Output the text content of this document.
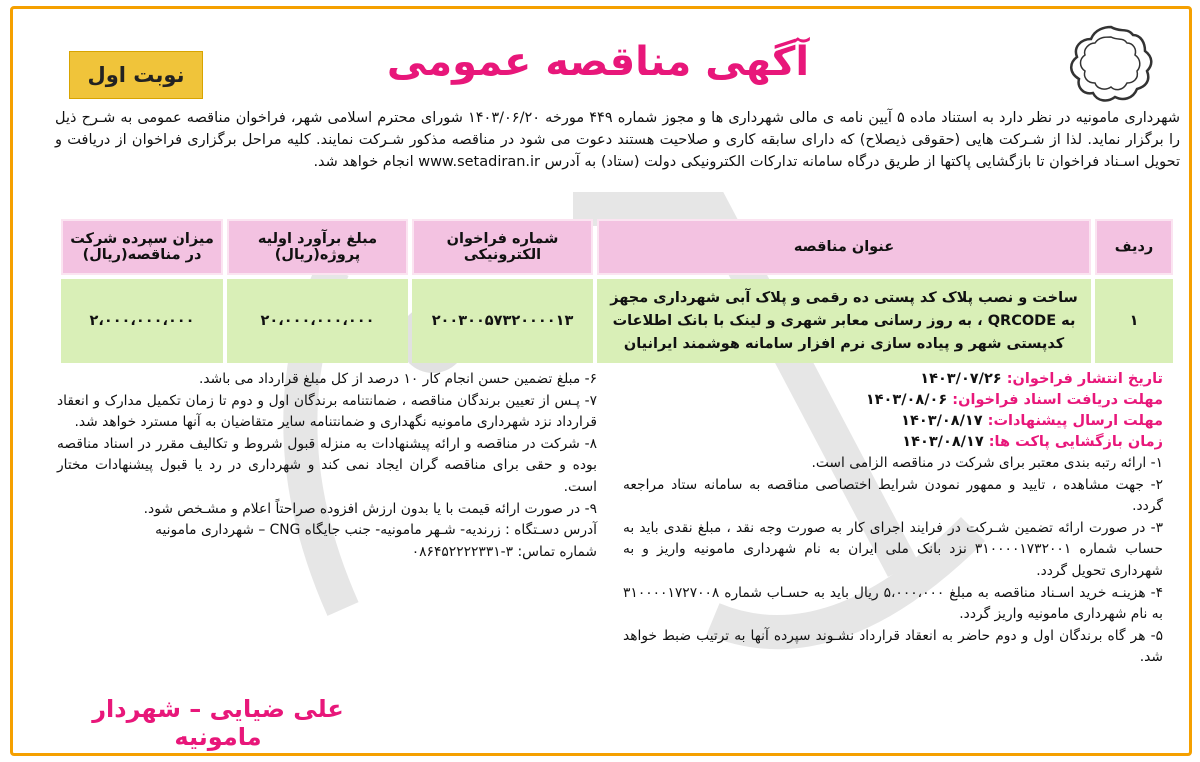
نوبت اول	آگهی مناقصه عمومی
شهرداری مامونیه در نظر دارد به استناد ماده ۵ آیین نامه ی مالی شهرداری ها و مجوز شماره ۴۴۹ مورخه ۱۴۰۳/۰۶/۲۰ شورای محترم اسلامی شهر، فراخوان مناقصه عمومی به شـرح ذیل را برگزار نماید. لذا از شـرکت هایی (حقوقی ذیصلاح) که دارای سابقه کاری و صلاحیت هستند دعوت می شود در مناقصه مذکور شـرکت نمایند. کلیه مراحل برگزاری فراخوان از دریافت و تحویل اسـناد فراخوان تا بازگشایی پاکتها از طریق درگاه سامانه تدارکات الکترونیکی دولت (ستاد) به آدرس www.setadiran.ir انجام خواهد شد.
ردیف	عنوان مناقصه	شماره فراخوان الکترونیکی	مبلغ برآورد اولیه پروژه(ریال)	میزان سپرده شرکت در مناقصه(ریال)
۱	ساخت و نصب پلاک کد پستی ده رقمی و پلاک آبی شهرداری مجهز به QRCODE ، به روز رسانی معابر شهری و لینک با بانک اطلاعات کدپستی شهر و پیاده سازی نرم افزار سامانه هوشمند ایرانیان	۲۰۰۳۰۰۵۷۳۲۰۰۰۰۱۳	۲۰،۰۰۰،۰۰۰،۰۰۰	۲،۰۰۰،۰۰۰،۰۰۰

تاریخ انتشار فراخوان: ۱۴۰۳/۰۷/۲۶

مهلت دریافت اسناد فراخوان: ۱۴۰۳/۰۸/۰۶

مهلت ارسال پیشنهادات: ۱۴۰۳/۰۸/۱۷

زمان بازگشایی پاکت ها: ۱۴۰۳/۰۸/۱۷

۱- ارائه رتبه بندی معتبر برای شرکت در مناقصه الزامی است.

۲- جهت مشاهده ، تایید و ممهور نمودن شرایط اختصاصی مناقصه به سامانه ستاد مراجعه گردد.

۳- در صورت ارائه تضمین شـرکت در فرایند اجرای کار به صورت وجه نقد ، مبلغ نقدی باید به حساب شماره ۳۱۰۰۰۰۱۷۳۲۰۰۱ نزد بانک ملی ایران به نام شهرداری مامونیه واریز و به شهرداری تحویل گردد.

۴- هزینـه خرید اسـناد مناقصه به مبلغ ۵،۰۰۰،۰۰۰ ریال باید به حسـاب شماره ۳۱۰۰۰۰۱۷۲۷۰۰۸ به نام شهرداری مامونیه واریز گردد.

۵- هر گاه برندگان اول و دوم حاضر به انعقاد قرارداد نشـوند سپرده آنها به ترتیب ضبط خواهد شد.

۶- مبلغ تضمین حسن انجام کار ۱۰ درصد از کل مبلغ قرارداد می باشد.

۷- پـس از تعیین برندگان مناقصه ، ضمانتنامه برندگان اول و دوم تا زمان تکمیل مدارک و انعقاد قرارداد نزد شهرداری مامونیه نگهداری و ضمانتنامه سایر متقاضیان به آنها مسترد خواهد شد.

۸- شرکت در مناقصه و ارائه پیشنهادات به منزله قبول شروط و تکالیف مقرر در اسناد مناقصه بوده و حقی برای مناقصه گران ایجاد نمی کند و شهرداری در رد یا قبول پیشنهادات مختار است.

۹- در صورت ارائه قیمت با یا بدون ارزش افزوده صراحتاً اعلام و مشـخص شود.

آدرس دسـتگاه : زرندیه- شـهر مامونیه- جنب جایگاه CNG – شهرداری مامونیه

شماره تماس: ۳-۰۸۶۴۵۲۲۲۲۳۳۱

علی ضیایی – شهردار مامونیه
